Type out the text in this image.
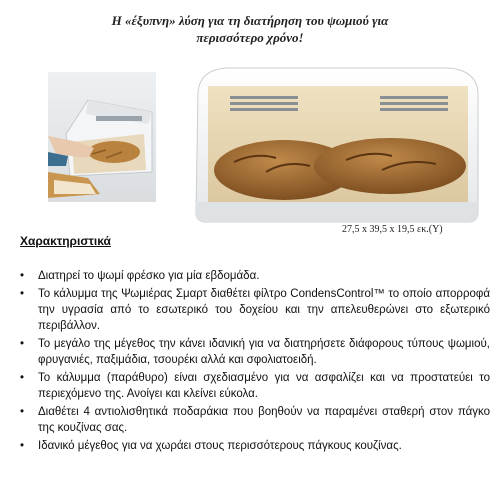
Η «έξυπνη» λύση για τη διατήρηση του ψωμιού για
περισσότερο χρόνο!
27,5 x 39,5 x 19,5 εκ.(Υ)
Χαρακτηριστικά
• Διατηρεί το ψωμί φρέσκο για μία εβδομάδα.
• Το κάλυμμα της Ψωμιέρας Σμαρτ διαθέτει φίλτρο CondensControl™ το οποίο απορροφά την υγρασία από το εσωτερικό του δοχείου και την απελευθερώνει στο εξωτερικό περιβάλλον.
• Το μεγάλο της μέγεθος την κάνει ιδανική για να διατηρήσετε διάφορους τύπους ψωμιού, φρυγανιές, παξιμάδια, τσουρέκι αλλά και σφολιατοειδή.
• Το κάλυμμα (παράθυρο) είναι σχεδιασμένο για να ασφαλίζει και να προστατεύει το περιεχόμενο της. Ανοίγει και κλείνει εύκολα.
• Διαθέτει 4 αντιολισθητικά ποδαράκια που βοηθούν να παραμένει σταθερή στον πάγκο της κουζίνας σας.
• Ιδανικό μέγεθος για να χωράει στους περισσότερους πάγκους κουζίνας.
